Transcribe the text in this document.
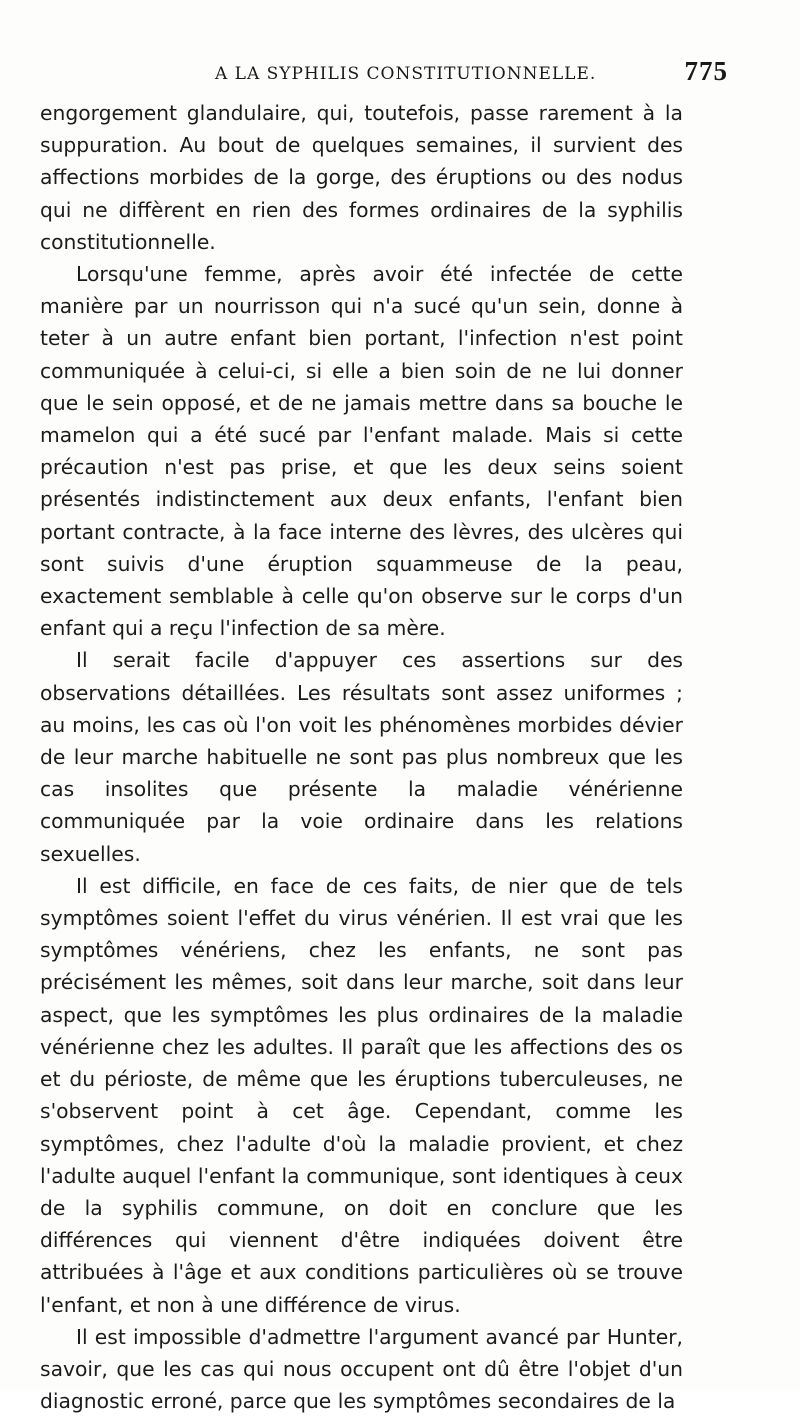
A LA SYPHILIS CONSTITUTIONNELLE.	775

engorgement glandulaire, qui, toutefois, passe rarement à la suppuration. Au bout de quelques semaines, il survient des affections morbides de la gorge, des éruptions ou des nodus qui ne diffèrent en rien des formes ordinaires de la syphilis constitutionnelle.

Lorsqu'une femme, après avoir été infectée de cette manière par un nourrisson qui n'a sucé qu'un sein, donne à teter à un autre enfant bien portant, l'infection n'est point communiquée à celui-ci, si elle a bien soin de ne lui donner que le sein opposé, et de ne jamais mettre dans sa bouche le mamelon qui a été sucé par l'enfant malade. Mais si cette précaution n'est pas prise, et que les deux seins soient présentés indistinctement aux deux enfants, l'enfant bien portant contracte, à la face interne des lèvres, des ulcères qui sont suivis d'une éruption squammeuse de la peau, exactement semblable à celle qu'on observe sur le corps d'un enfant qui a reçu l'infection de sa mère.

Il serait facile d'appuyer ces assertions sur des observations détaillées. Les résultats sont assez uniformes ; au moins, les cas où l'on voit les phénomènes morbides dévier de leur marche habituelle ne sont pas plus nombreux que les cas insolites que présente la maladie vénérienne communiquée par la voie ordinaire dans les relations sexuelles.

Il est difficile, en face de ces faits, de nier que de tels symptômes soient l'effet du virus vénérien. Il est vrai que les symptômes vénériens, chez les enfants, ne sont pas précisément les mêmes, soit dans leur marche, soit dans leur aspect, que les symptômes les plus ordinaires de la maladie vénérienne chez les adultes. Il paraît que les affections des os et du périoste, de même que les éruptions tuberculeuses, ne s'observent point à cet âge. Cependant, comme les symptômes, chez l'adulte d'où la maladie provient, et chez l'adulte auquel l'enfant la communique, sont identiques à ceux de la syphilis commune, on doit en conclure que les différences qui viennent d'être indiquées doivent être attribuées à l'âge et aux conditions particulières où se trouve l'enfant, et non à une différence de virus.

Il est impossible d'admettre l'argument avancé par Hunter, savoir, que les cas qui nous occupent ont dû être l'objet d'un diagnostic erroné, parce que les symptômes secondaires de la
